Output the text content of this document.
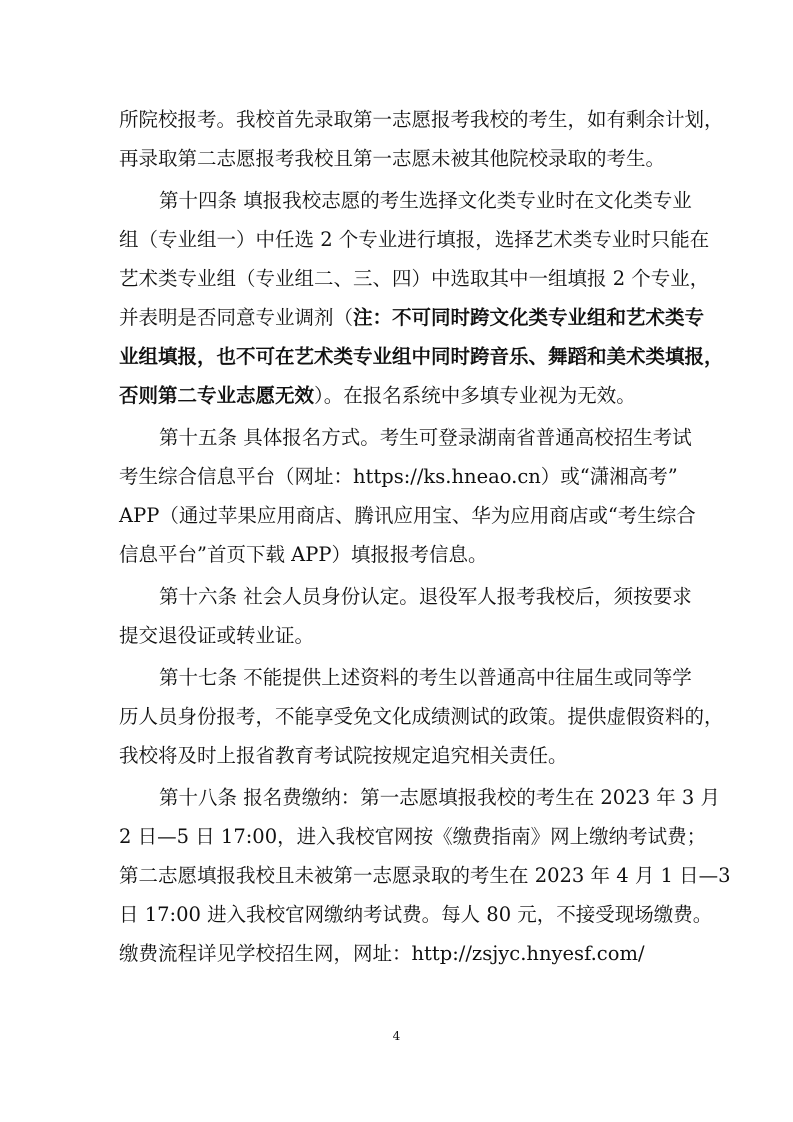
所院校报考。我校首先录取第一志愿报考我校的考生，如有剩余计划，
再录取第二志愿报考我校且第一志愿未被其他院校录取的考生。
第十四条 填报我校志愿的考生选择文化类专业时在文化类专业
组（专业组一）中任选 2 个专业进行填报，选择艺术类专业时只能在
艺术类专业组（专业组二、三、四）中选取其中一组填报 2 个专业，
并表明是否同意专业调剂（注：不可同时跨文化类专业组和艺术类专
业组填报，也不可在艺术类专业组中同时跨音乐、舞蹈和美术类填报，
否则第二专业志愿无效）。在报名系统中多填专业视为无效。
第十五条 具体报名方式。考生可登录湖南省普通高校招生考试
考生综合信息平台（网址：https://ks.hneao.cn）或“潇湘高考”
APP（通过苹果应用商店、腾讯应用宝、华为应用商店或“考生综合
信息平台”首页下载 APP）填报报考信息。
第十六条 社会人员身份认定。退役军人报考我校后，须按要求
提交退役证或转业证。
第十七条 不能提供上述资料的考生以普通高中往届生或同等学
历人员身份报考，不能享受免文化成绩测试的政策。提供虚假资料的，
我校将及时上报省教育考试院按规定追究相关责任。
第十八条 报名费缴纳：第一志愿填报我校的考生在 2023 年 3 月
2 日—5 日 17:00，进入我校官网按《缴费指南》网上缴纳考试费；
第二志愿填报我校且未被第一志愿录取的考生在 2023 年 4 月 1 日—3
日 17:00 进入我校官网缴纳考试费。每人 80 元，不接受现场缴费。
缴费流程详见学校招生网，网址：http://zsjyc.hnyesf.com/
4
